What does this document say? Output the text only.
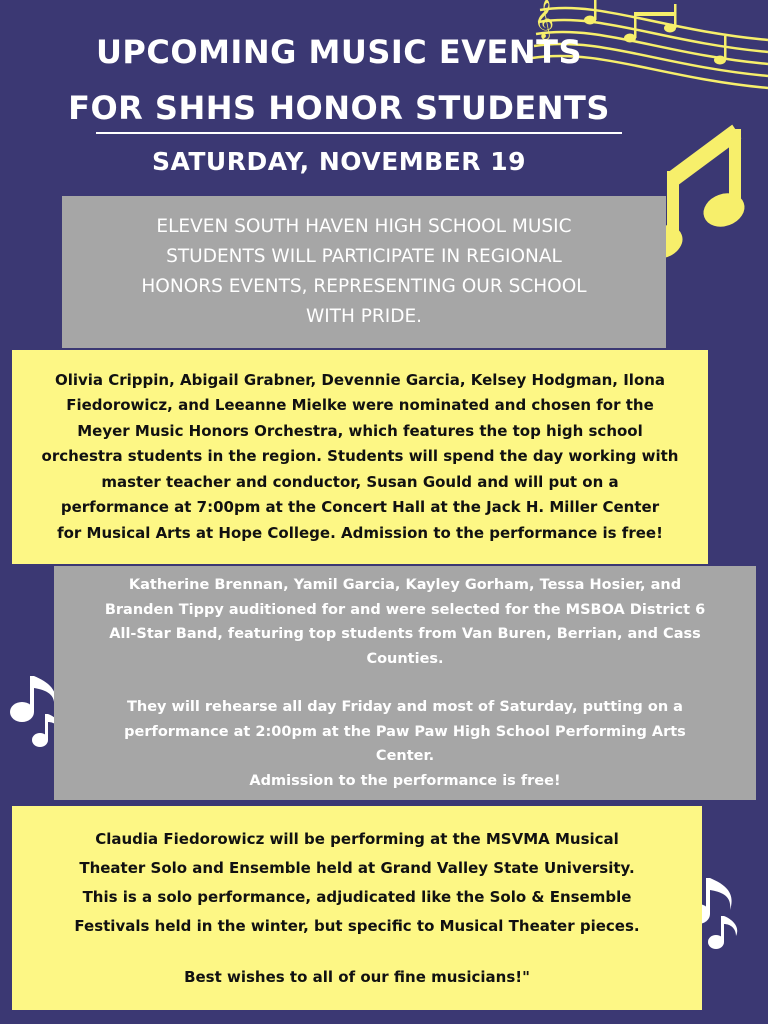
𝄞
UPCOMING MUSIC EVENTS
FOR SHHS HONOR STUDENTS
SATURDAY, NOVEMBER 19
ELEVEN SOUTH HAVEN HIGH SCHOOL MUSIC
STUDENTS WILL PARTICIPATE IN REGIONAL
HONORS EVENTS, REPRESENTING OUR SCHOOL
WITH PRIDE.
Olivia Crippin, Abigail Grabner, Devennie Garcia, Kelsey Hodgman, Ilona
Fiedorowicz, and Leeanne Mielke were nominated and chosen for the
Meyer Music Honors Orchestra, which features the top high school
orchestra students in the region. Students will spend the day working with
master teacher and conductor, Susan Gould and will put on a
performance at 7:00pm at the Concert Hall at the Jack H. Miller Center
for Musical Arts at Hope College. Admission to the performance is free!
Katherine Brennan, Yamil Garcia, Kayley Gorham, Tessa Hosier, and
Branden Tippy auditioned for and were selected for the MSBOA District 6
All-Star Band, featuring top students from Van Buren, Berrian, and Cass
Counties.
They will rehearse all day Friday and most of Saturday, putting on a
performance at 2:00pm at the Paw Paw High School Performing Arts
Center.
Admission to the performance is free!
Claudia Fiedorowicz will be performing at the MSVMA Musical
Theater Solo and Ensemble held at Grand Valley State University.
This is a solo performance, adjudicated like the Solo & Ensemble
Festivals held in the winter, but specific to Musical Theater pieces.
Best wishes to all of our fine musicians!"
